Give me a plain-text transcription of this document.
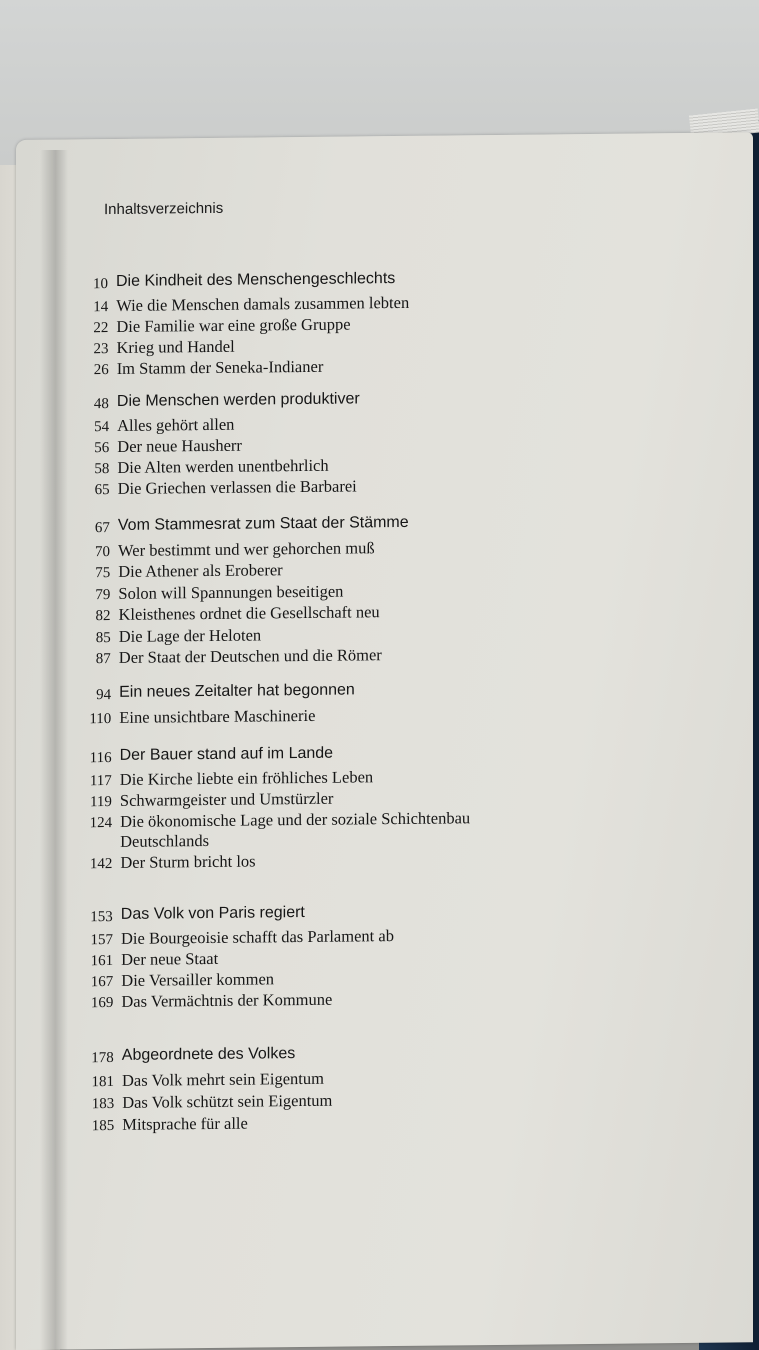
Inhaltsverzeichnis
10 Die Kindheit des Menschengeschlechts
14 Wie die Menschen damals zusammen lebten
22 Die Familie war eine große Gruppe
23 Krieg und Handel
26 Im Stamm der Seneka-Indianer
48 Die Menschen werden produktiver
54 Alles gehört allen
56 Der neue Hausherr
58 Die Alten werden unentbehrlich
65 Die Griechen verlassen die Barbarei
67 Vom Stammesrat zum Staat der Stämme
70 Wer bestimmt und wer gehorchen muß
75 Die Athener als Eroberer
79 Solon will Spannungen beseitigen
82 Kleisthenes ordnet die Gesellschaft neu
85 Die Lage der Heloten
87 Der Staat der Deutschen und die Römer
94 Ein neues Zeitalter hat begonnen
110 Eine unsichtbare Maschinerie
116 Der Bauer stand auf im Lande
117 Die Kirche liebte ein fröhliches Leben
119 Schwarmgeister und Umstürzler
124 Die ökonomische Lage und der soziale Schichtenbau
Deutschlands
142 Der Sturm bricht los
153 Das Volk von Paris regiert
157 Die Bourgeoisie schafft das Parlament ab
161 Der neue Staat
167 Die Versailler kommen
169 Das Vermächtnis der Kommune
178 Abgeordnete des Volkes
181 Das Volk mehrt sein Eigentum
183 Das Volk schützt sein Eigentum
185 Mitsprache für alle
